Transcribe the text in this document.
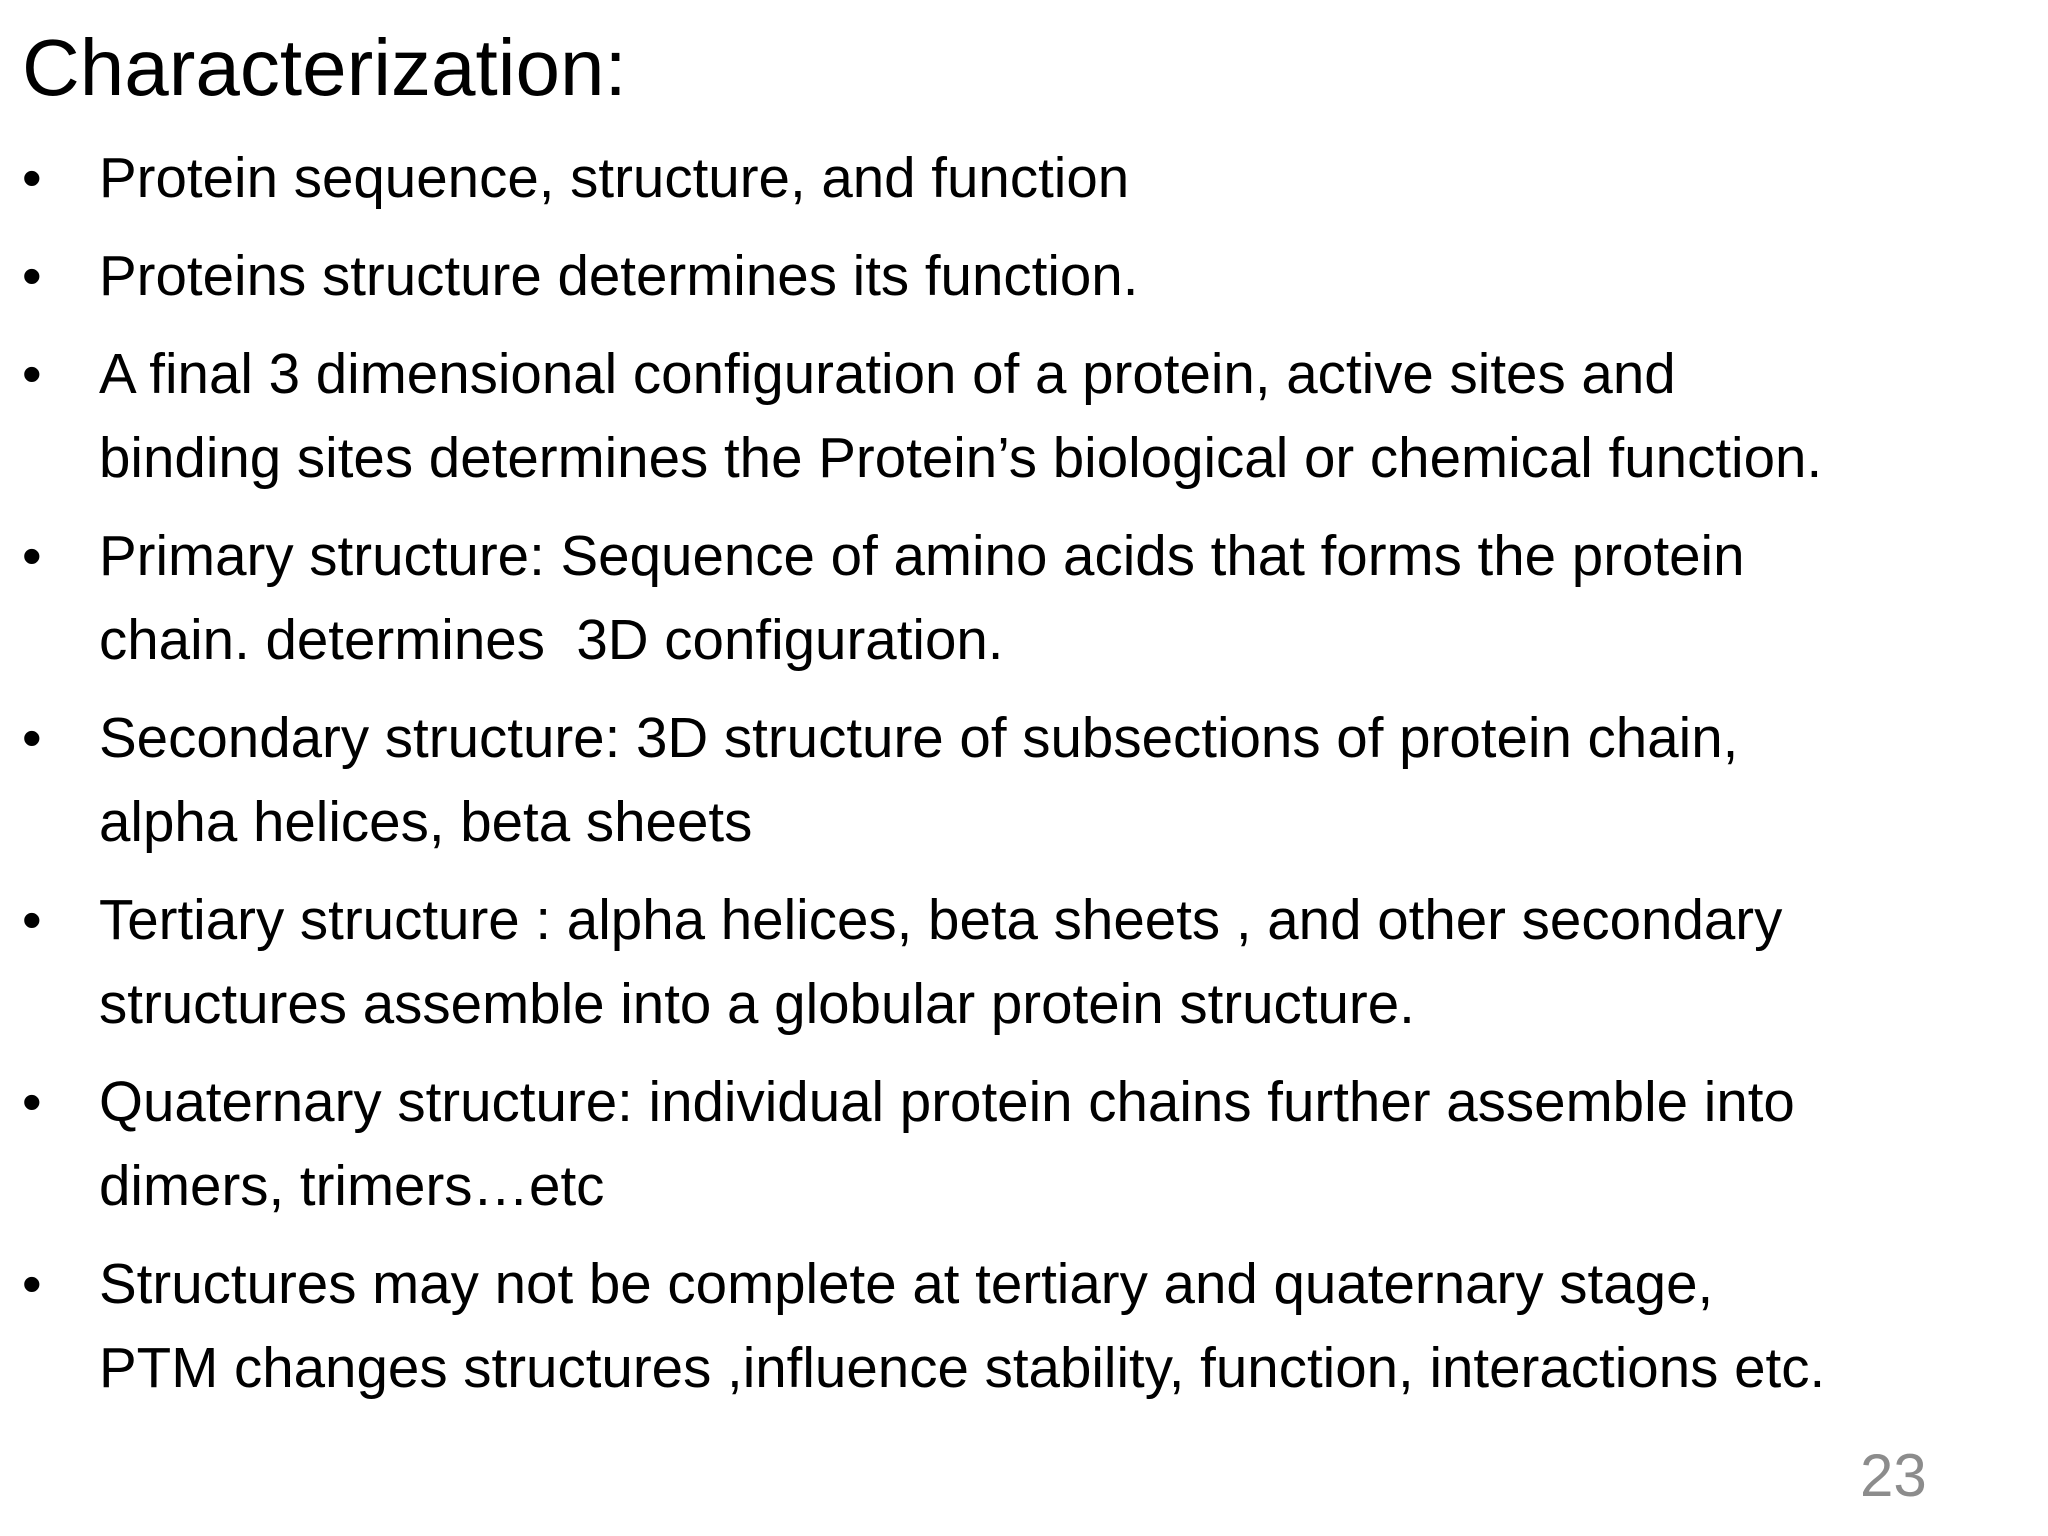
Characterization:
•	Protein sequence, structure, and function
•	Proteins structure determines its function.
•	A final 3 dimensional configuration of a protein, active sites and
binding sites determines the Protein’s biological or chemical function.
•	Primary structure: Sequence of amino acids that forms the protein
chain. determines  3D configuration.
•	Secondary structure: 3D structure of subsections of protein chain,
alpha helices, beta sheets
•	Tertiary structure : alpha helices, beta sheets , and other secondary
structures assemble into a globular protein structure.
•	Quaternary structure: individual protein chains further assemble into
dimers, trimers…etc
•	Structures may not be complete at tertiary and quaternary stage,
PTM changes structures ,influence stability, function, interactions etc.
23
